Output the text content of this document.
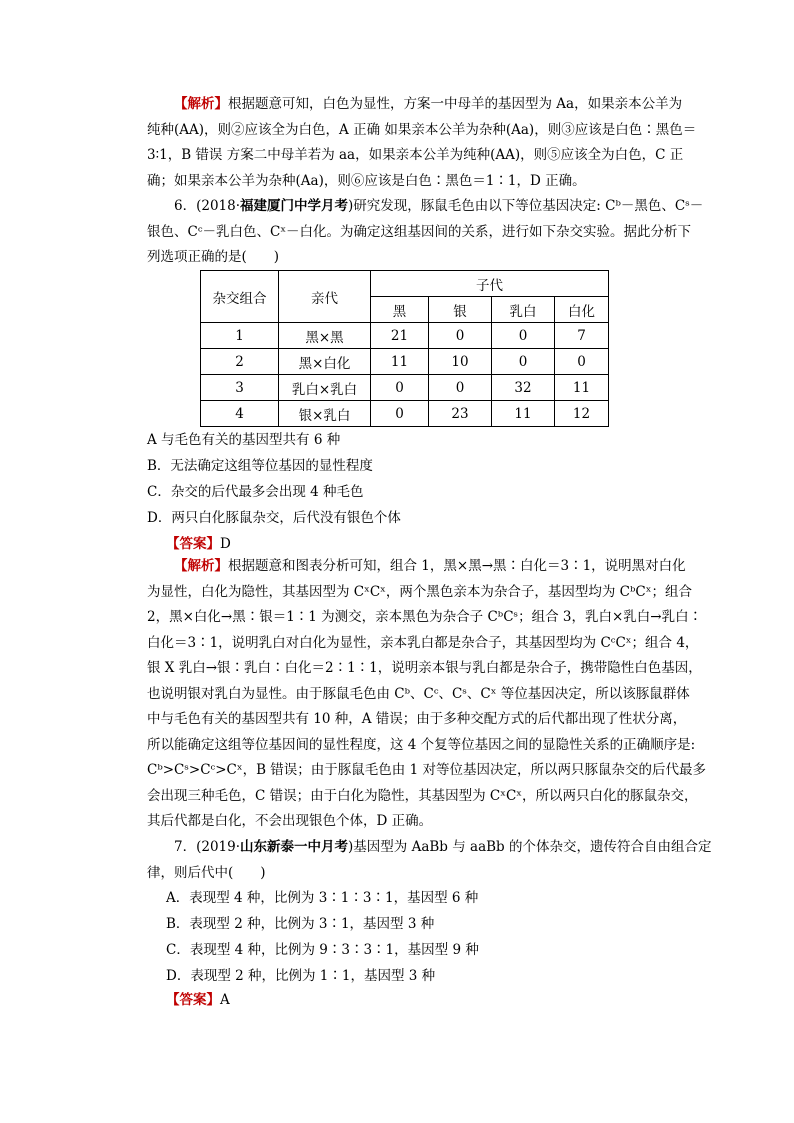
【解析】根据题意可知，白色为显性，方案一中母羊的基因型为 Aa，如果亲本公羊为
纯种(AA)，则②应该全为白色，A 正确 如果亲本公羊为杂种(Aa)，则③应该是白色∶黑色＝
3∶1，B 错误 方案二中母羊若为 aa，如果亲本公羊为纯种(AA)，则⑤应该全为白色，C 正
确；如果亲本公羊为杂种(Aa)，则⑥应该是白色∶黑色＝1∶1，D 正确。
6．(2018·福建厦门中学月考)研究发现，豚鼠毛色由以下等位基因决定: Cᵇ－黑色、Cˢ－
银色、Cᶜ－乳白色、Cˣ－白化。为确定这组基因间的关系，进行如下杂交实验。据此分析下
列选项正确的是(　　)
杂交组合	亲代	子代			
		黑	银	乳白	白化
1	黑×黑	21	0	0	7
2	黑×白化	11	10	0	0
3	乳白×乳白	0	0	32	11
4	银×乳白	0	23	11	12
A 与毛色有关的基因型共有 6 种
B．无法确定这组等位基因的显性程度
C．杂交的后代最多会出现 4 种毛色
D．两只白化豚鼠杂交，后代没有银色个体
【答案】D
【解析】根据题意和图表分析可知，组合 1，黑×黑→黑∶白化＝3∶1，说明黑对白化
为显性，白化为隐性，其基因型为 CˣCˣ，两个黑色亲本为杂合子，基因型均为 CᵇCˣ；组合
2，黑×白化→黑∶银＝1∶1 为测交，亲本黑色为杂合子 CᵇCˢ；组合 3，乳白×乳白→乳白∶
白化＝3∶1，说明乳白对白化为显性，亲本乳白都是杂合子，其基因型均为 CᶜCˣ；组合 4，
银 X 乳白→银∶乳白∶白化＝2∶1∶1，说明亲本银与乳白都是杂合子，携带隐性白色基因，
也说明银对乳白为显性。由于豚鼠毛色由 Cᵇ、Cᶜ、Cˢ、Cˣ 等位基因决定，所以该豚鼠群体
中与毛色有关的基因型共有 10 种，A 错误；由于多种交配方式的后代都出现了性状分离，
所以能确定这组等位基因间的显性程度，这 4 个复等位基因之间的显隐性关系的正确顺序是:
Cᵇ>Cˢ>Cᶜ>Cˣ，B 错误；由于豚鼠毛色由 1 对等位基因决定，所以两只豚鼠杂交的后代最多
会出现三种毛色，C 错误；由于白化为隐性，其基因型为 CˣCˣ，所以两只白化的豚鼠杂交，
其后代都是白化，不会出现银色个体，D 正确。
7．(2019·山东新泰一中月考)基因型为 AaBb 与 aaBb 的个体杂交，遗传符合自由组合定
律，则后代中(　　)
A．表现型 4 种，比例为 3∶1∶3∶1，基因型 6 种
B．表现型 2 种，比例为 3∶1，基因型 3 种
C．表现型 4 种，比例为 9∶3∶3∶1，基因型 9 种
D．表现型 2 种，比例为 1∶1，基因型 3 种
【答案】A
